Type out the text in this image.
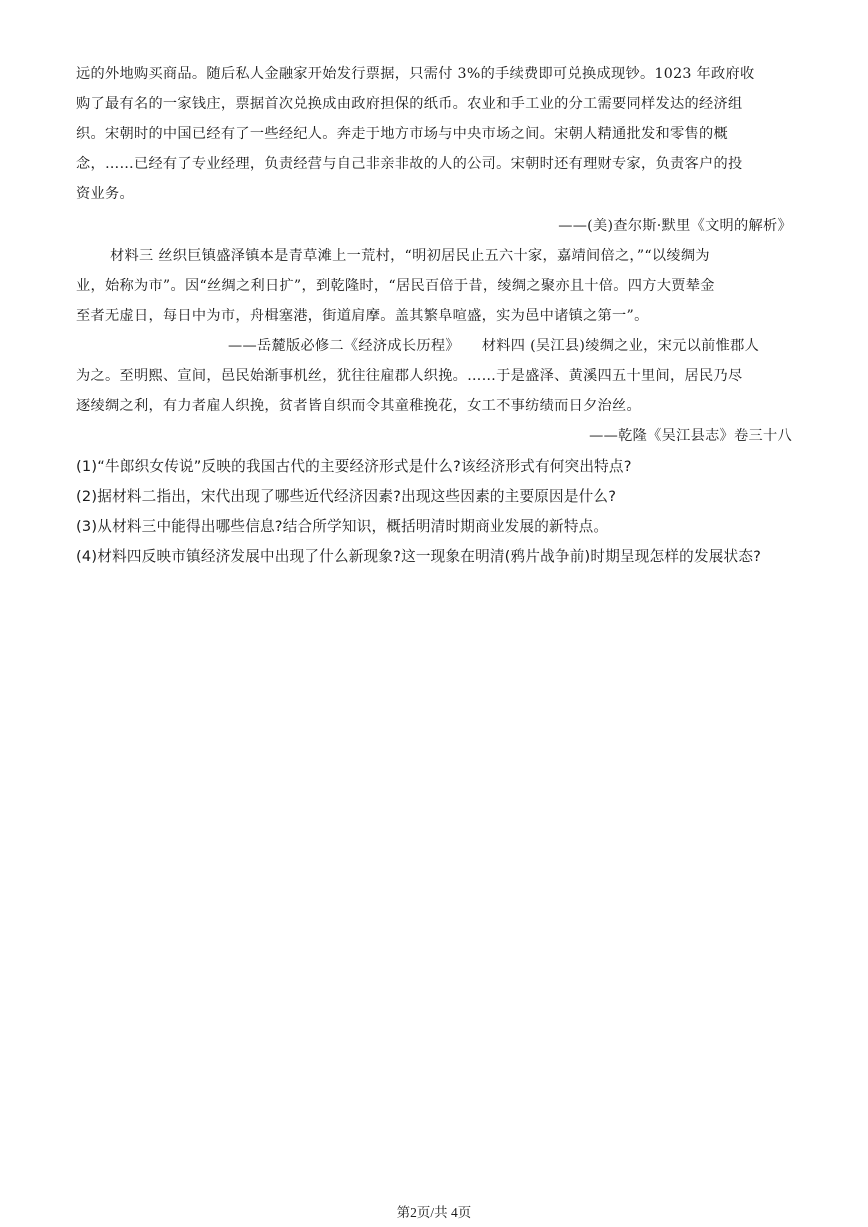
远的外地购买商品。随后私人金融家开始发行票据，只需付 3%的手续费即可兑换成现钞。1023 年政府收
购了最有名的一家钱庄，票据首次兑换成由政府担保的纸币。农业和手工业的分工需要同样发达的经济组
织。宋朝时的中国已经有了一些经纪人。奔走于地方市场与中央市场之间。宋朝人精通批发和零售的概
念，……已经有了专业经理，负责经营与自己非亲非故的人的公司。宋朝时还有理财专家，负责客户的投
资业务。
——(美)查尔斯·默里《文明的解析》
材料三 丝织巨镇盛泽镇本是青草滩上一荒村，“明初居民止五六十家，嘉靖间倍之，”“以绫绸为
业，始称为市”。因“丝绸之利日扩”，到乾隆时，“居民百倍于昔，绫绸之聚亦且十倍。四方大贾辇金
至者无虚日，每日中为市，舟楫塞港，街道肩摩。盖其繁阜喧盛，实为邑中诸镇之第一”。
——岳麓版必修二《经济成长历程》 材料四 (吴江县)绫绸之业，宋元以前惟郡人
为之。至明熙、宣间，邑民始渐事机丝，犹往往雇郡人织挽。……于是盛泽、黄溪四五十里间，居民乃尽
逐绫绸之利，有力者雇人织挽，贫者皆自织而令其童稚挽花，女工不事纺绩而日夕治丝。
——乾隆《吴江县志》卷三十八
(1)“牛郎织女传说”反映的我国古代的主要经济形式是什么?该经济形式有何突出特点?
(2)据材料二指出，宋代出现了哪些近代经济因素?出现这些因素的主要原因是什么?
(3)从材料三中能得出哪些信息?结合所学知识，概括明清时期商业发展的新特点。
(4)材料四反映市镇经济发展中出现了什么新现象?这一现象在明清(鸦片战争前)时期呈现怎样的发展状态?
第2页/共 4页
